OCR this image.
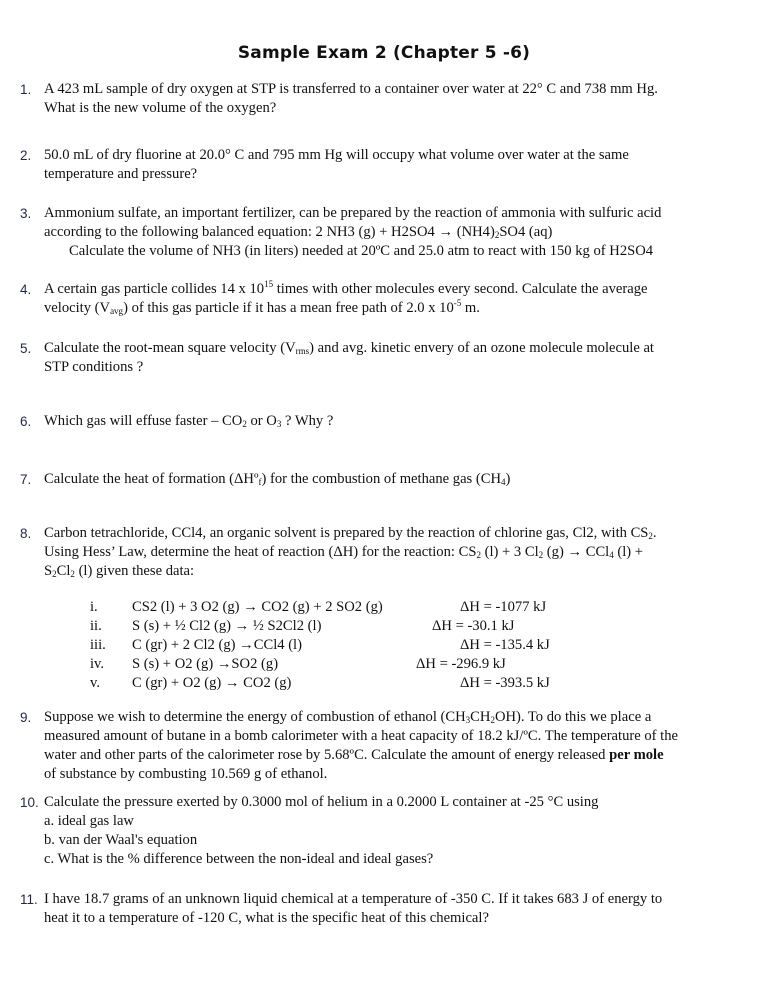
Sample Exam 2 (Chapter 5 -6)
1. A 423 mL sample of dry oxygen at STP is transferred to a container over water at 22° C and 738 mm Hg.
What is the new volume of the oxygen?
2. 50.0 mL of dry fluorine at 20.0° C and 795 mm Hg will occupy what volume over water at the same
temperature and pressure?
3. Ammonium sulfate, an important fertilizer, can be prepared by the reaction of ammonia with sulfuric acid
according to the following balanced equation: 2 NH3 $(g) + H2SO4 \to (NH4)_2SO4$ (aq)
Calculate the volume of NH3 (in liters) needed at 20ºC and 25.0 atm to react with 150 kg of H2SO4
4. A certain gas particle collides 14 x $10^{15}$ times with other molecules every second. Calculate the average
velocity $(V_{avg})$ of this gas particle if it has a mean free path of 2.0 x $10^{-5}$ m.
5. Calculate the root-mean square velocity $(V_{rms})$ and avg. kinetic envery of an ozone molecule molecule at
STP conditions ?
6. Which gas will effuse faster – $CO_2$ or $O_3$ ? Why ?
7. Calculate the heat of formation (ΔHº$_f$) for the combustion of methane gas $(CH_4)$
8. Carbon tetrachloride, CCl4, an organic solvent is prepared by the reaction of chlorine gas, Cl2, with $CS_2$.
Using Hess’ Law, determine the heat of reaction (ΔH) for the reaction: $CS_2$ (l) + 3 $Cl_2$ (g) → CCl$_4$ (l) +
$S_2Cl_2$ (l) given these data:
i. CS2 (l) + 3 O2 (g) → CO2 (g) + 2 SO2 (g)	ΔH = -1077 kJ
ii. S (s) + ½ Cl2 (g) → ½ S2Cl2 (l)	ΔH = -30.1 kJ
iii. C (gr) + 2 Cl2 (g) →CCl4 (l)	ΔH = -135.4 kJ
iv. S (s) + O2 (g) →SO2 (g)	ΔH = -296.9 kJ
v. C (gr) + O2 (g) → CO2 (g)	ΔH = -393.5 kJ
9. Suppose we wish to determine the energy of combustion of ethanol $(CH_3CH_2OH)$. To do this we place a
measured amount of butane in a bomb calorimeter with a heat capacity of 18.2 kJ/ºC. The temperature of the
water and other parts of the calorimeter rose by 5.68ºC. Calculate the amount of energy released per mole
of substance by combusting 10.569 g of ethanol.
10. Calculate the pressure exerted by 0.3000 mol of helium in a 0.2000 L container at -25 °C using
a. ideal gas law
b. van der Waal's equation
c. What is the % difference between the non-ideal and ideal gases?
11. I have 18.7 grams of an unknown liquid chemical at a temperature of -350 C. If it takes 683 J of energy to
heat it to a temperature of -120 C, what is the specific heat of this chemical?
